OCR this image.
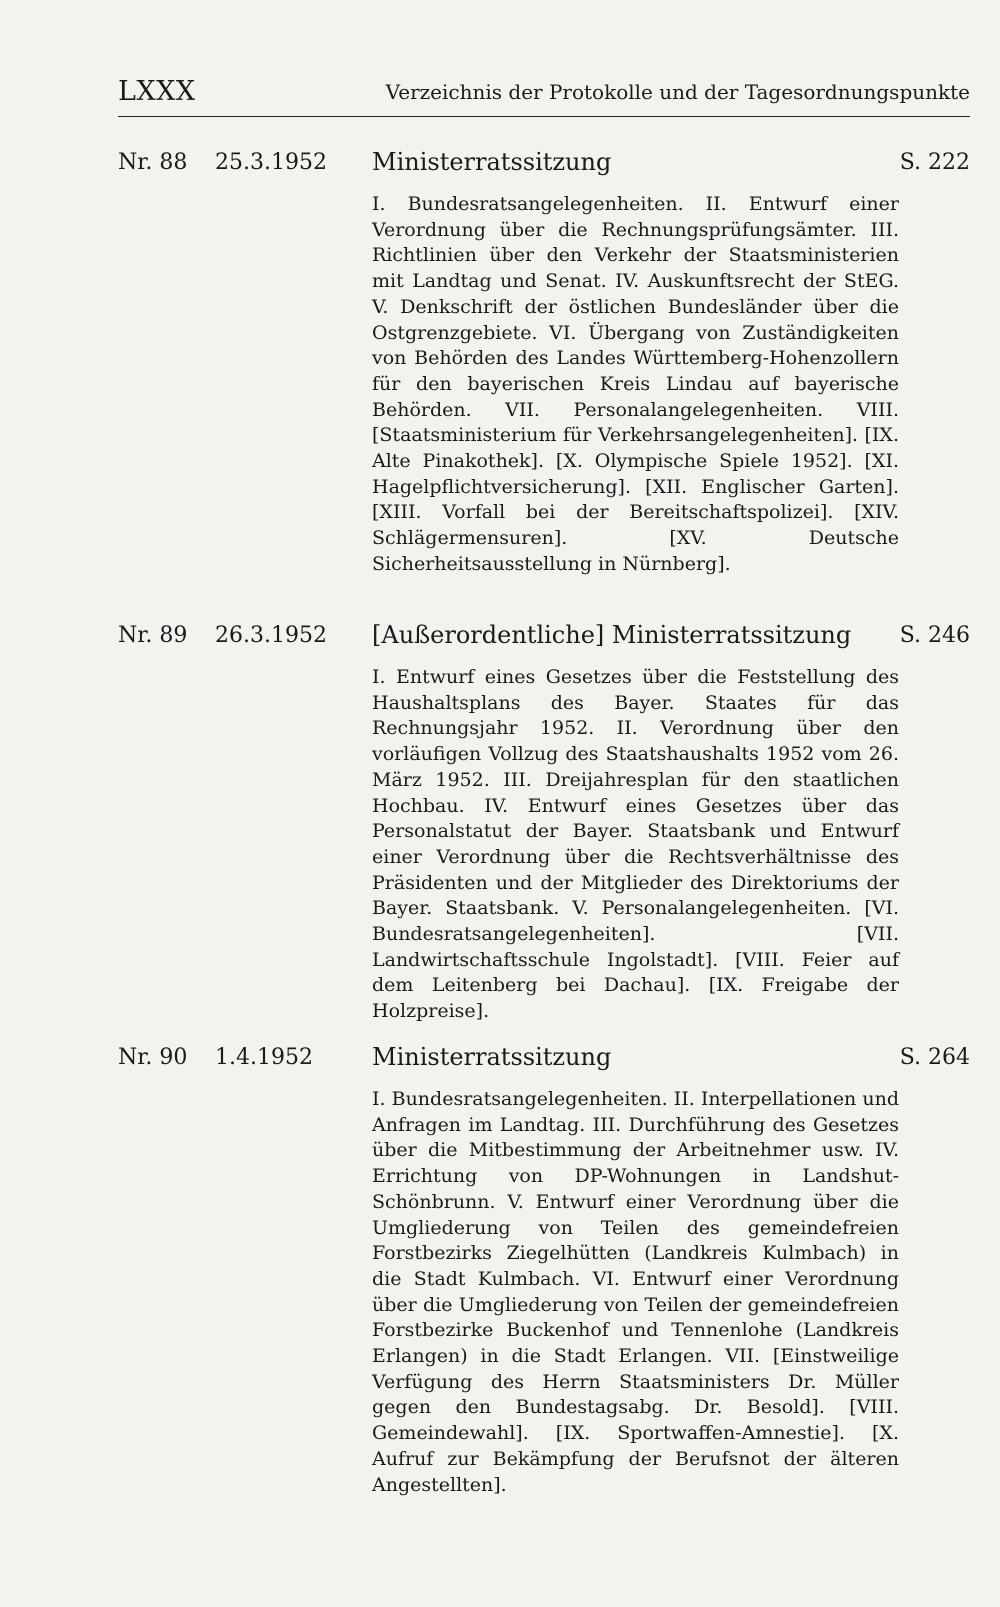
LXXX	Verzeichnis der Protokolle und der Tagesordnungspunkte
Nr. 88 25.3.1952 Ministerratssitzung	S. 222
I. Bundesratsangelegenheiten. II. Entwurf einer Verordnung über die Rechnungsprüfungsämter. III. Richtlinien über den Verkehr der Staatsministerien mit Landtag und Senat. IV. Auskunftsrecht der StEG. V. Denkschrift der östlichen Bundesländer über die Ostgrenzgebiete. VI. Übergang von Zuständigkeiten von Behörden des Landes Württemberg-Hohenzollern für den bayerischen Kreis Lindau auf bayerische Behörden. VII. Personalangelegenheiten. VIII. [Staatsministerium für Verkehrsangelegenheiten]. [IX. Alte Pinakothek]. [X. Olympische Spiele 1952]. [XI. Hagelpflichtversicherung]. [XII. Englischer Garten]. [XIII. Vorfall bei der Bereitschaftspolizei]. [XIV. Schlägermensuren]. [XV. Deutsche Sicherheitsausstellung in Nürnberg].
Nr. 89 26.3.1952 [Außerordentliche] Ministerratssitzung S. 246
I. Entwurf eines Gesetzes über die Feststellung des Haushaltsplans des Bayer. Staates für das Rechnungsjahr 1952. II. Verordnung über den vorläufigen Vollzug des Staatshaushalts 1952 vom 26. März 1952. III. Dreijahresplan für den staatlichen Hochbau. IV. Entwurf eines Gesetzes über das Personalstatut der Bayer. Staatsbank und Entwurf einer Verordnung über die Rechtsverhältnisse des Präsidenten und der Mitglieder des Direktoriums der Bayer. Staatsbank. V. Personalangelegenheiten. [VI. Bundesratsangelegenheiten]. [VII. Landwirtschaftsschule Ingolstadt]. [VIII. Feier auf dem Leitenberg bei Dachau]. [IX. Freigabe der Holzpreise].
Nr. 90 1.4.1952 Ministerratssitzung	S. 264
I. Bundesratsangelegenheiten. II. Interpellationen und Anfragen im Landtag. III. Durchführung des Gesetzes über die Mitbestimmung der Arbeitnehmer usw. IV. Errichtung von DP-Wohnungen in Landshut-Schönbrunn. V. Entwurf einer Verordnung über die Umgliederung von Teilen des gemeindefreien Forstbezirks Ziegelhütten (Landkreis Kulmbach) in die Stadt Kulmbach. VI. Entwurf einer Verordnung über die Umgliederung von Teilen der gemeindefreien Forstbezirke Buckenhof und Tennenlohe (Landkreis Erlangen) in die Stadt Erlangen. VII. [Einstweilige Verfügung des Herrn Staatsministers Dr. Müller gegen den Bundestagsabg. Dr. Besold]. [VIII. Gemeindewahl]. [IX. Sportwaffen-Amnestie]. [X. Aufruf zur Bekämpfung der Berufsnot der älteren Angestellten].
